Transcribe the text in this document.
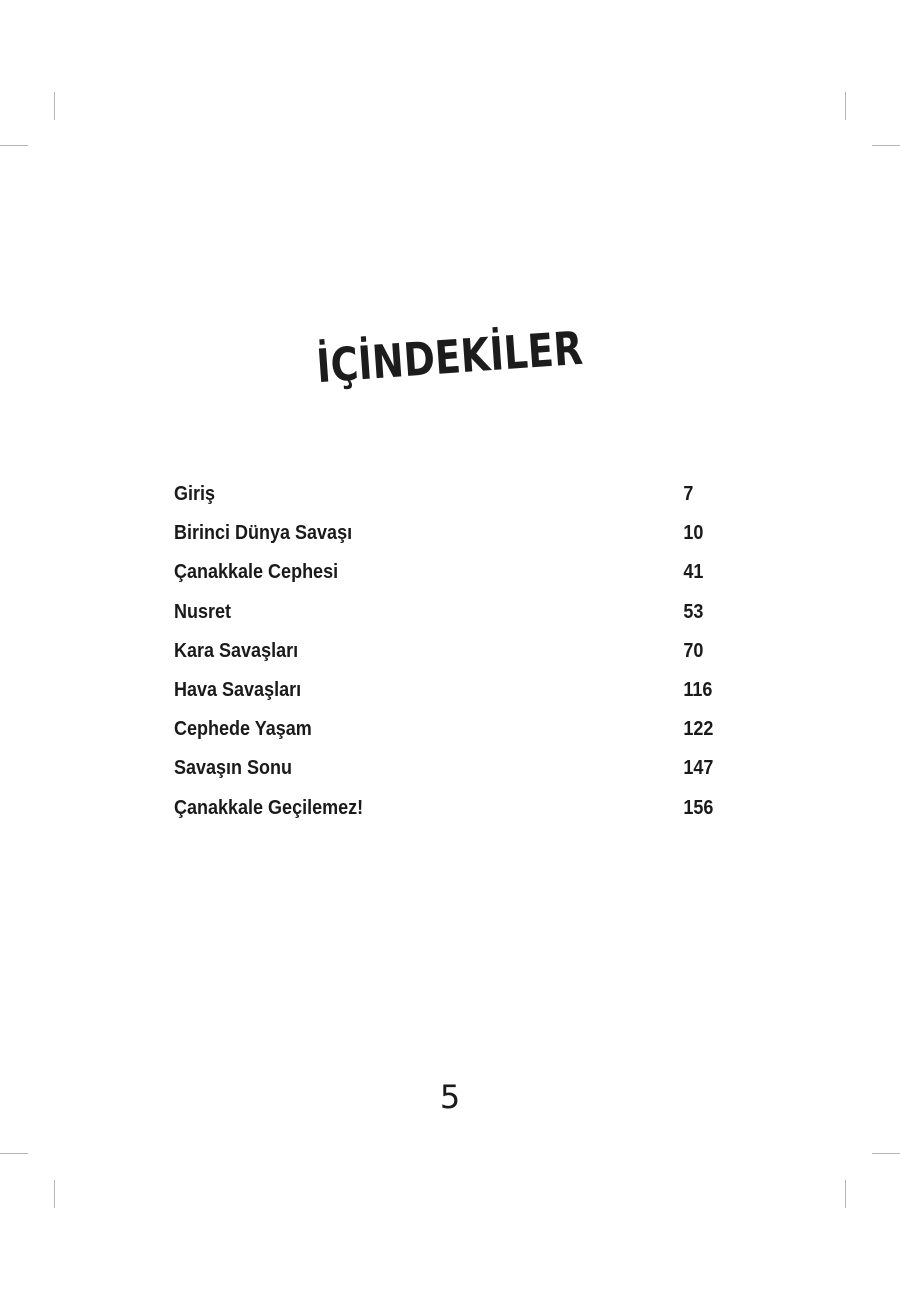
İÇİNDEKİLER
Giriş	7
Birinci Dünya Savaşı	10
Çanakkale Cephesi	41
Nusret	53
Kara Savaşları	70
Hava Savaşları	116
Cephede Yaşam	122
Savaşın Sonu	147
Çanakkale Geçilemez!	156
5
